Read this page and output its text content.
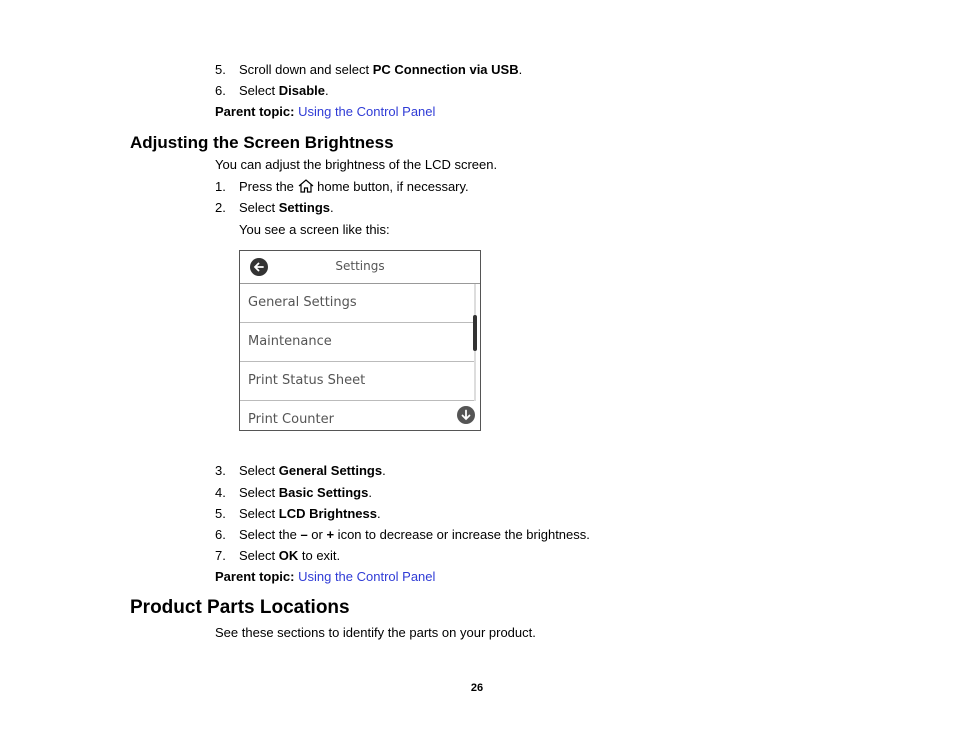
5. Scroll down and select PC Connection via USB.
6. Select Disable.
Parent topic: Using the Control Panel
Adjusting the Screen Brightness
You can adjust the brightness of the LCD screen.
1. Press the  home button, if necessary.
2. Select Settings.
You see a screen like this:
Settings
General Settings
Maintenance
Print Status Sheet
Print Counter
3. Select General Settings.
4. Select Basic Settings.
5. Select LCD Brightness.
6. Select the – or + icon to decrease or increase the brightness.
7. Select OK to exit.
Parent topic: Using the Control Panel
Product Parts Locations
See these sections to identify the parts on your product.
26
